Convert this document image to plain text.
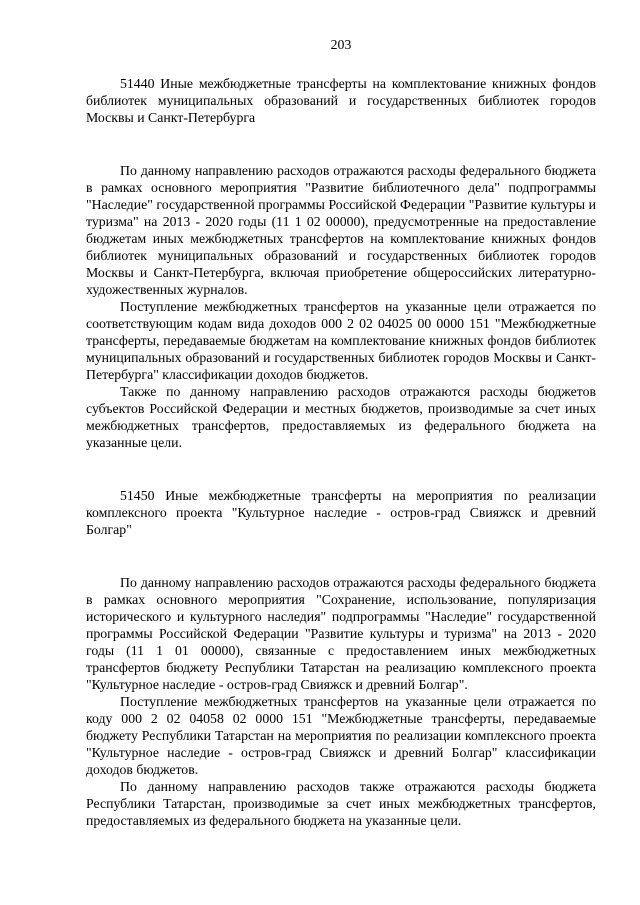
203

51440 Иные межбюджетные трансферты на комплектование книжных фондов библиотек муниципальных образований и государственных библиотек городов Москвы и Санкт-Петербурга

По данному направлению расходов отражаются расходы федерального бюджета в рамках основного мероприятия "Развитие библиотечного дела" подпрограммы "Наследие" государственной программы Российской Федерации "Развитие культуры и туризма" на 2013 - 2020 годы (11 1 02 00000), предусмотренные на предоставление бюджетам иных межбюджетных трансфертов на комплектование книжных фондов библиотек муниципальных образований и государственных библиотек городов Москвы и Санкт-Петербурга, включая приобретение общероссийских литературно-художественных журналов.

Поступление межбюджетных трансфертов на указанные цели отражается по соответствующим кодам вида доходов 000 2 02 04025 00 0000 151 "Межбюджетные трансферты, передаваемые бюджетам на комплектование книжных фондов библиотек муниципальных образований и государственных библиотек городов Москвы и Санкт-Петербурга" классификации доходов бюджетов.

Также по данному направлению расходов отражаются расходы бюджетов субъектов Российской Федерации и местных бюджетов, производимые за счет иных межбюджетных трансфертов, предоставляемых из федерального бюджета на указанные цели.

51450 Иные межбюджетные трансферты на мероприятия по реализации комплексного проекта "Культурное наследие - остров-град Свияжск и древний Болгар"

По данному направлению расходов отражаются расходы федерального бюджета в рамках основного мероприятия "Сохранение, использование, популяризация исторического и культурного наследия" подпрограммы "Наследие" государственной программы Российской Федерации "Развитие культуры и туризма" на 2013 - 2020 годы (11 1 01 00000), связанные с предоставлением иных межбюджетных трансфертов бюджету Республики Татарстан на реализацию комплексного проекта "Культурное наследие - остров-град Свияжск и древний Болгар".

Поступление межбюджетных трансфертов на указанные цели отражается по коду 000 2 02 04058 02 0000 151 "Межбюджетные трансферты, передаваемые бюджету Республики Татарстан на мероприятия по реализации комплексного проекта "Культурное наследие - остров-град Свияжск и древний Болгар" классификации доходов бюджетов.

По данному направлению расходов также отражаются расходы бюджета Республики Татарстан, производимые за счет иных межбюджетных трансфертов, предоставляемых из федерального бюджета на указанные цели.
